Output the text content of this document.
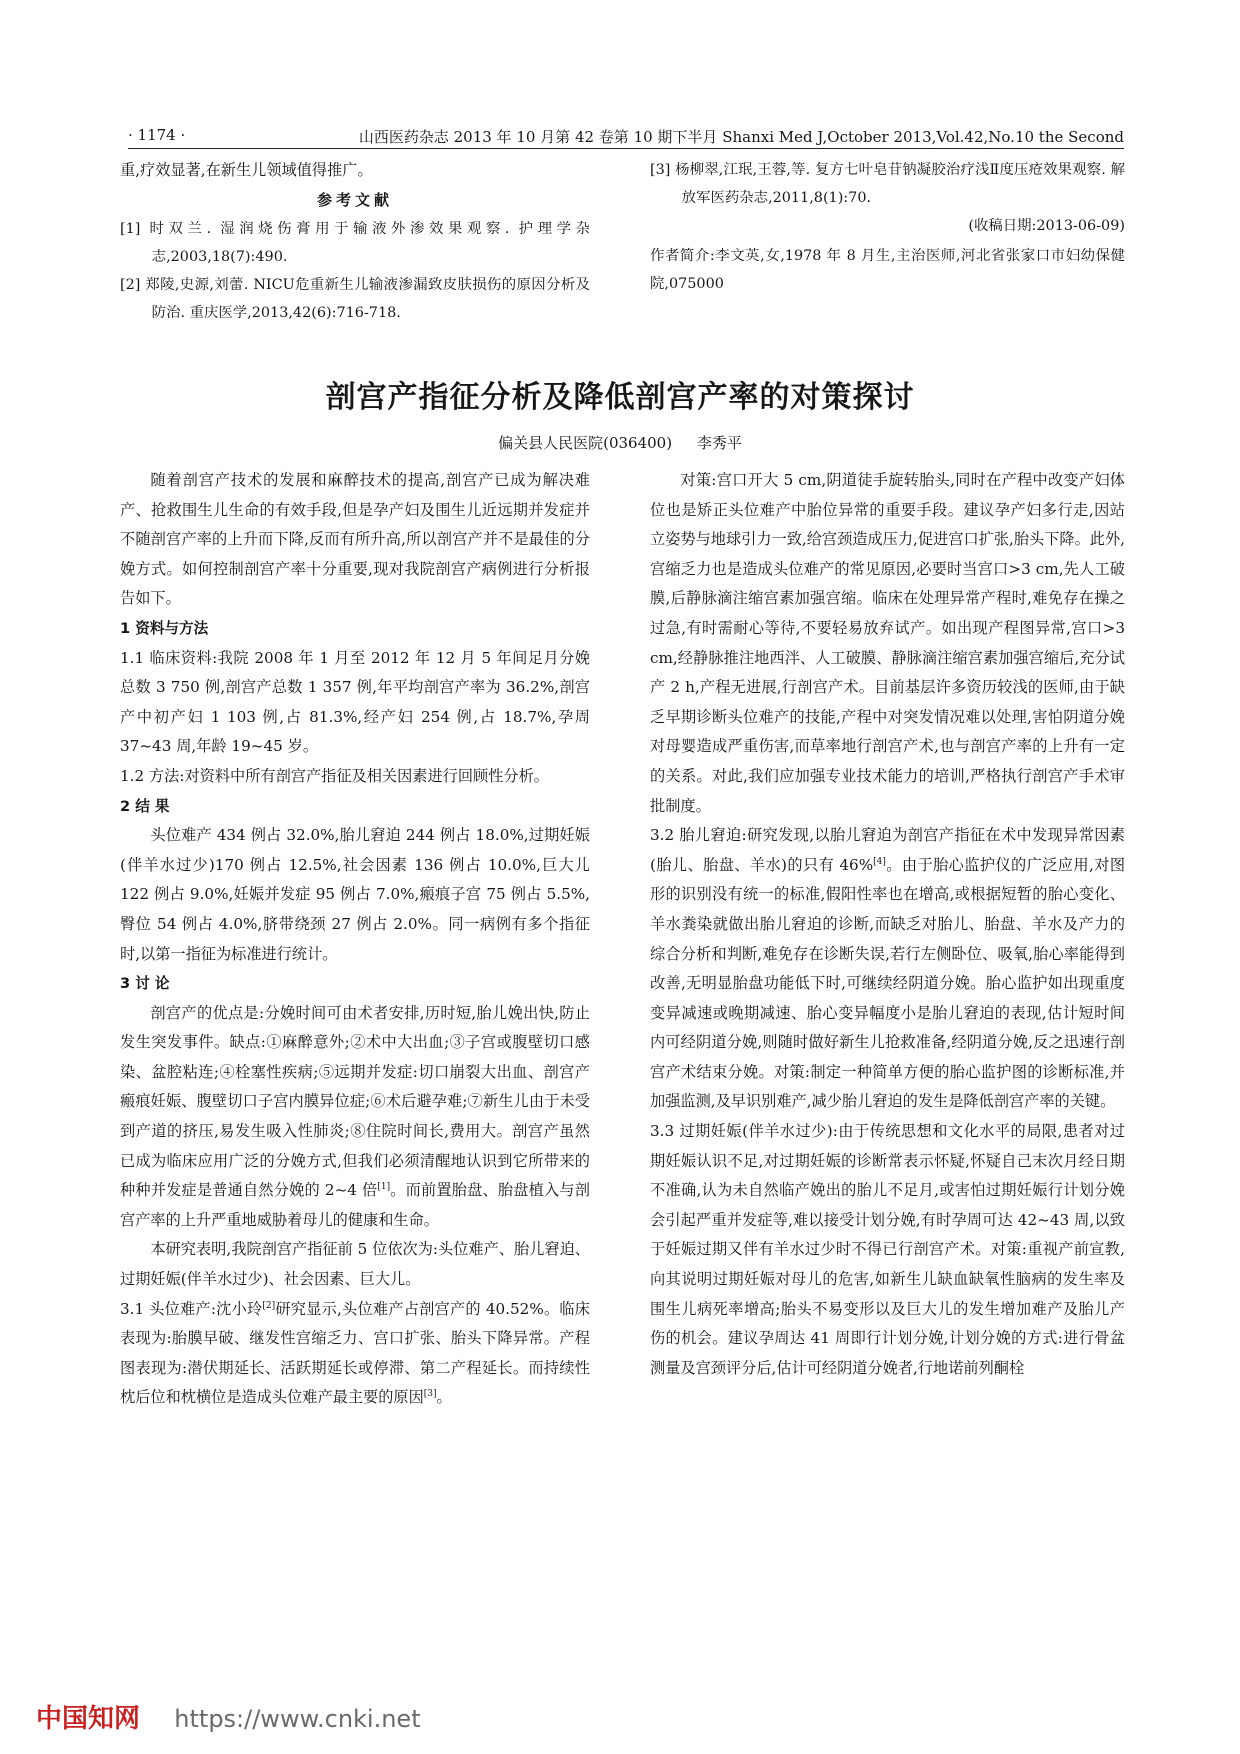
· 1174 ·	山西医药杂志 2013 年 10 月第 42 卷第 10 期下半月 Shanxi Med J,October 2013,Vol.42,No.10 the Second

重,疗效显著,在新生儿领域值得推广。

参考文献

[1] 时双兰. 湿润烧伤膏用于输液外渗效果观察. 护理学杂志,2003,18(7):490.

[2] 郑陵,史源,刘蕾. NICU危重新生儿输液渗漏致皮肤损伤的原因分析及防治. 重庆医学,2013,42(6):716-718.

[3] 杨柳翠,江珉,王蓉,等. 复方七叶皂苷钠凝胶治疗浅Ⅱ度压疮效果观察. 解放军医药杂志,2011,8(1):70.

(收稿日期:2013-06-09)

作者简介:李文英,女,1978 年 8 月生,主治医师,河北省张家口市妇幼保健院,075000

剖宫产指征分析及降低剖宫产率的对策探讨
偏关县人民医院(036400) 李秀平

随着剖宫产技术的发展和麻醉技术的提高,剖宫产已成为解决难产、抢救围生儿生命的有效手段,但是孕产妇及围生儿近远期并发症并不随剖宫产率的上升而下降,反而有所升高,所以剖宫产并不是最佳的分娩方式。如何控制剖宫产率十分重要,现对我院剖宫产病例进行分析报告如下。

1 资料与方法

1.1 临床资料:我院 2008 年 1 月至 2012 年 12 月 5 年间足月分娩总数 3 750 例,剖宫产总数 1 357 例,年平均剖宫产率为 36.2%,剖宫产中初产妇 1 103 例,占 81.3%,经产妇 254 例,占 18.7%,孕周 37~43 周,年龄 19~45 岁。

1.2 方法:对资料中所有剖宫产指征及相关因素进行回顾性分析。

2 结 果

头位难产 434 例占 32.0%,胎儿窘迫 244 例占 18.0%,过期妊娠(伴羊水过少)170 例占 12.5%,社会因素 136 例占 10.0%,巨大儿 122 例占 9.0%,妊娠并发症 95 例占 7.0%,瘢痕子宫 75 例占 5.5%,臀位 54 例占 4.0%,脐带绕颈 27 例占 2.0%。同一病例有多个指征时,以第一指征为标准进行统计。

3 讨 论

剖宫产的优点是:分娩时间可由术者安排,历时短,胎儿娩出快,防止发生突发事件。缺点:①麻醉意外;②术中大出血;③子宫或腹壁切口感染、盆腔粘连;④栓塞性疾病;⑤远期并发症:切口崩裂大出血、剖宫产瘢痕妊娠、腹壁切口子宫内膜异位症;⑥术后避孕难;⑦新生儿由于未受到产道的挤压,易发生吸入性肺炎;⑧住院时间长,费用大。剖宫产虽然已成为临床应用广泛的分娩方式,但我们必须清醒地认识到它所带来的种种并发症是普通自然分娩的 2~4 倍[1]。而前置胎盘、胎盘植入与剖宫产率的上升严重地威胁着母儿的健康和生命。

本研究表明,我院剖宫产指征前 5 位依次为:头位难产、胎儿窘迫、过期妊娠(伴羊水过少)、社会因素、巨大儿。

3.1 头位难产:沈小玲[2]研究显示,头位难产占剖宫产的 40.52%。临床表现为:胎膜早破、继发性宫缩乏力、宫口扩张、胎头下降异常。产程图表现为:潜伏期延长、活跃期延长或停滞、第二产程延长。而持续性枕后位和枕横位是造成头位难产最主要的原因[3]。

对策:宫口开大 5 cm,阴道徒手旋转胎头,同时在产程中改变产妇体位也是矫正头位难产中胎位异常的重要手段。建议孕产妇多行走,因站立姿势与地球引力一致,给宫颈造成压力,促进宫口扩张,胎头下降。此外,宫缩乏力也是造成头位难产的常见原因,必要时当宫口>3 cm,先人工破膜,后静脉滴注缩宫素加强宫缩。临床在处理异常产程时,难免存在操之过急,有时需耐心等待,不要轻易放弃试产。如出现产程图异常,宫口>3 cm,经静脉推注地西泮、人工破膜、静脉滴注缩宫素加强宫缩后,充分试产 2 h,产程无进展,行剖宫产术。目前基层许多资历较浅的医师,由于缺乏早期诊断头位难产的技能,产程中对突发情况难以处理,害怕阴道分娩对母婴造成严重伤害,而草率地行剖宫产术,也与剖宫产率的上升有一定的关系。对此,我们应加强专业技术能力的培训,严格执行剖宫产手术审批制度。

3.2 胎儿窘迫:研究发现,以胎儿窘迫为剖宫产指征在术中发现异常因素(胎儿、胎盘、羊水)的只有 46%[4]。由于胎心监护仪的广泛应用,对图形的识别没有统一的标准,假阳性率也在增高,或根据短暂的胎心变化、羊水粪染就做出胎儿窘迫的诊断,而缺乏对胎儿、胎盘、羊水及产力的综合分析和判断,难免存在诊断失误,若行左侧卧位、吸氧,胎心率能得到改善,无明显胎盘功能低下时,可继续经阴道分娩。胎心监护如出现重度变异减速或晚期减速、胎心变异幅度小是胎儿窘迫的表现,估计短时间内可经阴道分娩,则随时做好新生儿抢救准备,经阴道分娩,反之迅速行剖宫产术结束分娩。对策:制定一种简单方便的胎心监护图的诊断标准,并加强监测,及早识别难产,减少胎儿窘迫的发生是降低剖宫产率的关键。

3.3 过期妊娠(伴羊水过少):由于传统思想和文化水平的局限,患者对过期妊娠认识不足,对过期妊娠的诊断常表示怀疑,怀疑自己末次月经日期不准确,认为未自然临产娩出的胎儿不足月,或害怕过期妊娠行计划分娩会引起严重并发症等,难以接受计划分娩,有时孕周可达 42~43 周,以致于妊娠过期又伴有羊水过少时不得已行剖宫产术。对策:重视产前宣教,向其说明过期妊娠对母儿的危害,如新生儿缺血缺氧性脑病的发生率及围生儿病死率增高;胎头不易变形以及巨大儿的发生增加难产及胎儿产伤的机会。建议孕周达 41 周即行计划分娩,计划分娩的方式:进行骨盆测量及宫颈评分后,估计可经阴道分娩者,行地诺前列酮栓

中国知网 https://www.cnki.net
